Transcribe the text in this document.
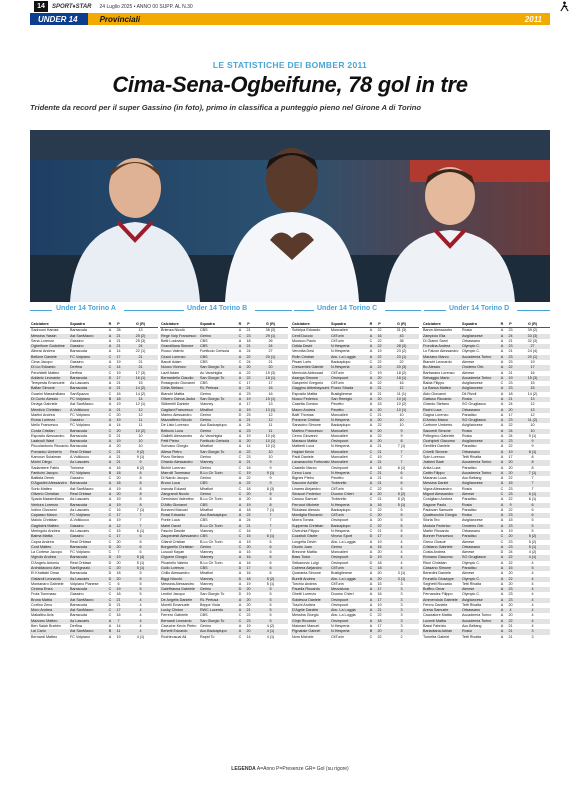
14	SPORT♦STAR 24 Luglio 2025 • ANNO 00 SUPP. AL N.30
UNDER 14	Provinciali	2011
LE STATISTICHE DEI BOMBER 2011
Cima-Sena-Ogbeifune, 78 gol in tre
Tridente da record per il super Gassino (in foto), primo in classifica a punteggio pieno nel Girone A di Torino
Under 14 Torino A	Under 14 Torino B	Under 14 Torino C	Under 14 Torino D
Calciatore	Squadra	R	P	G (R)
Sadrouni Hamza	Barracuda	A	28	13
Messina Yassin	Ast SanMauro	A	21	25 (2)
Sena Lorenzo	Gassino	A	21	25 (3)
Ogbeifune Godstime	Gassino	A	21	24
Alfonsi Andrea	Barracuda	A	14	22 (1)
Bellone Daniele	FC Volpiano	C	17	21
Cima Jacopo	Gassino	A	19	21
Di Lio Edoardo	Derfina	C	14	21
Perchitelli Matteo	Derfina	C	19	17 (3)
Addario Leonardo	Barracuda	D	17	16 (1)
Tempesta Emanuele	As Lascaris	A	21	15
Ballan Simone	Barracuda	A	21	14 (2)
Guarini Massimiliano	SanSpazzo	C	16	14 (2)
Di Cunto Alessio	FC Volpiano	B	18	14
Deviga Gabriele	Ast SanMauro	A	19	12 (1)
Mendicò Christian	A.Volklocco	A	21	12
Martini Andrea	FC Volpiano	C	20	12
Roma Lorenzo	Gassino	A	19	11
Mello Francesco	FC Volpiano	A	14	11
Corda Cristian	Barracuda	C	20	10 (2)
Esposito Alessandro	Barracuda	D	21	10
Laabouli Wael	Barracuda	A	19	10
Piccolantonio Riccardo	Barracuda	A	20	10
Pomarico Umberto	Real Orbisse	C	21	9 (2)
Kamoun Sulaiman	A.Volklocco	A	21	9 (1)
Morini Diego	As Lascaris	A	21	9
Sadamiere Fabio	Torinese	A	16	8 (2)
Fanticini Jacopo	FC Volpiano	B	18	8
Battista Derek	Gassino	C	20	8
D'Agostini Alessandro	Barracuda	A	18	8
Sorlo Matteo	Ast SanMauro	A	19	8
Oliverio Christian	Real Orbisse	A	20	8
Spada Massimiliano	As Lascaris	A	19	8
Ventura Lorenzo	Barracuda	A	19	8
Iodino Giovanni	As Lascaris	C	16	7 (1)
Capasso Marco	FC Volpiano	C	17	7
Maiolo Christian	A.Volklocco	A	19	7
Gagliolmi Matteo	Gassino	A	12	7
Meringolo Andrea	As Lascaris	C	15	6 (1)
Balma Mattia	Gassino	C	17	6
Capra Andrea	Real Orbisse	C	20	6
Cord Matteo	Barracuda	D	20	6
La Cortese Jacopo	FC Volpiano	C	7	6
Vignolo Andrea	Barracuda	D	19	5 (4)
D'Angelo Antonio	Real Orbisse	D	20	5 (1)
Archidiacono Alex	Sant'Ignazio	C	20	5 (1)
El Khattabi Omar	Barracuda	D	18	5
Gislandi Leonardo	As Lascaris	D	20	5
Montanaro Gabriele	Volpiano Pianese	C	6	5
Cirama Enea	Barracuda	C	19	5
Frola Tommaso	Gassino	C	18	5
Bruna Mattia	Ast SanMauro	C	21	4
Cortinò Zeno	Barracuda	D	21	4
Moro Andrea	Ast SanMauro	C	17	4
Makalibu Axis	Barracuda	C	16	4
Mazzaro Matteo	As Lascaris	A	7	4
Ben Salah Brahim	Derfina	A	14	4
Lai Carlo	Ast SanMauro	B	11	4
Bernardi Matteo	FC Volpiano	A	19	4 (1)
Calciatore	Squadra	R	P	G (R)
Brienza Nicolò	CBS	A	21	36 (3)
Rege Volp Francesco	Gerino	C	23	29 (1)
Betti Lodovico	CBS	A	18	26
Grandillana Simone	CBS	A	21	24
Rocco Valerio	Fortitudo Cerisola	A	24	27
Ciucci Lorenzo	CBS	A	22	20 (1)
Bacoli Adam	CBS	C	24	21
Nuoco Vicenzo	San Giorgio To	A	20	20
Lazif Adam	Ac Vanchiglia	A	22	19 (3)
Bernardello Claudio	San Giorgio To	A	22	18 (1)
Rossignolo Giovanni	CBS	C	17	17
Grilla Stefano	RL Pertusa	A	21	16
Bianchi Mattia	Gerino	A	23	16
Olivero Ochoa Jacko	San Giorgio To	A	19	15 (1)
Siliberelli Daniele	Vianney	A	17	13
Gagliani Francesco	Mirafiori	A	19	13 (1)
Marino Alessandro	Gerino	D	23	12
Mazzafferro Nicolò	Gerino	A	21	12
De Lisio Lorenzo	Acc.Badcaplupo	A	24	11
Bellucio Luca	Gerino	A	23	11
Giallelli Alessandro	Ac Vanchiglia	A	19	10 (4)
Petti Pietro	Fortitudo Cerisola	A	20	10 (1)
Scrivano Giorgio	Mirafiori	A	14	10 (1)
Allesa Pietro	San Giorgio To	A	22	10
Pizzo Stefano	Gerino	C	23	10
Girardo Alessandro	Vianney	A	21	9
Bichiri Lorenzo	Gerino	C	16	9
Marrolli Tommaso	B.Lo Ch Turin	C	19	9 (1)
Di Nardo Jacopo	Gerino	A	22	9
Bruno Luca	CBS	A	22	9
Ivanota Eduard	Mirafiori	C	18	8 (3)
Zangrandi Nicolò	Gerino	C	20	8
Geminiani Valentino	B.Lo Ch Turin	A	20	8
D'Alfio Giovanni	CBS	A	19	8
Bonanni Manuel	Mirafiori	A	18	7 (1)
Rossi Edoardo	Acc.Badcaplupo	A	22	7
Ponte Luca	CBS	A	24	7
Mairè David	B.Lo Ch Turin	A	21	7
Fascini Davide	Vianney	C	16	7
Zaupedesti Alessandro	CBS	C	15	6 (1)
Gilardi Cristian	B.Lo Ch Turin	A	19	6
Borgarello Christian	Gerino	C	20	6
Lusuoli Kayan	Vianney	A	15	6
Giguere Giorgio	Vianney	A	16	6
Picariello Valerio	B.Lo Ch Turin	A	16	6
Gullo Lorenzo	CBS	D	17	6
Chillo Alessandro	Mirafiori	A	16	6
Biggi Niccolò	Vianney	D	18	5 (2)
Messina Alessandro	Vianney	A	19	5 (1)
Galeffrasna Gabriele	Gerino	D	20	5
Lentini Jacopo	San Giorgio To	D	19	5
De Angelis Daniele	RL Pertusa	A	20	5
Morelli Emanuele	Beppe Viola	A	20	5
Lucky Clinton	RWC Lucento	A	21	5
Ferrero Gabriele	CBS	C	22	5
Bernardi Leonardo	San Giorgio To	C	23	5
Cavuche Kevin Pietro	Gerino	A	19	4 (2)
Benetti Edoardo	Acc.Badcaplupo	A	20	4 (1)
Rochinusuai Ali	Rapid To	C	14	4 (1)
Calciatore	Squadra	R	P	G (R)
Schiripa Edoardo	Moncalieri	A	22	31 (3)
Cenil Duccio	CitTurin	A	16	43
Musicco Paolo	CitTurin	C	22	38
Odida David	N.Hesperia	A	22	28 (3)
Veronita Desi	N.Hesperia	A	19	23 (2)
Rolin Cristian	Abc. La Loggia	A	22	23 (1)
Pisani Loris	Badcaplupo	C	22	22
Crescentini Gabriel	N.Hesperia	A	22	20 (3)
Meniccià Aldeouad	CitTurin	C	19	18 (2)
Azanga Simone	Orsinpoort	A	20	18 (1)
Gasperini Gregorio	CitTurin	A	22	16
Gagginu Abbebayoumi	Pozzo Strada	A	21	12
Esposito Mattia	Bustiglierese	A	21	11 (1)
Nucco Federico	San Remigio	A	20	10 (4)
Casetta Gordon	Pecetto	A	15	10 (2)
Mauro Andrea	Pecetto	A	20	10 (1)
Baël Thomas	Moncalieri	C	21	10
Ponzone Cristian	N.Hesperia	A	20	10
Sanacino Simone	Badcaplupo	A	22	10
Martino Francesco	Moncalieri	A	20	9
Cervo Giovanni	Moncalieri	A	22	9
Marasco Mattia	Orsinpoort	A	20	8
Malberti Luca	N.Hesperia	A	21	7 (1)
Hajdari Kevin	Moncalieri	C	21	7
Paoli Daniele	Moncalieri	C	19	7
Lavanacchio Fortunato	Moncalieri	A	21	7
Castello Marco	Orsinpoort	A	18	6 (1)
Cerco Luca	N.Hesperia	C	21	6
Bignes Pietro	Pecetto	A	21	6
Saccone Achille	Trofarello	A	21	6
Linares Alejandro	CitTurin	C	22	6
Sinacori Federico	Duomo Chieri	A	20	5 (2)
Caruso Samuel	Trofarello	C	21	5 (2)
Ferrucci Michele	N.Hesperia	A	16	5 (1)
Ridolassi Alessio	Badcaplupo	C	22	5
Mordiglia Riccardo	CitTurin	C	20	5
Morra Tomas	Orsinpoort	A	20	5
Suppenta Christian	Badcaplupo	C	22	5
Civerchia Filippo	N.Hesperia	C	21	5
Cozzitoli Gisele	Vinovo Sport	D	17	4
Longella Devin	Abc. La Loggia	A	19	4
Osorio Juan	Gerino	A	15	4
Brezone Mattia	Moncalieri	A	20	4
Bass Todor	Orsinpoort	D	19	4
Selkanovic Luigi	Orsinpoort	D	18	4
Cabrera Alejandro	CitTurin	C	18	4
Quaranta Simone	Bustiglierese	A	20	3 (1)
Burelli Andrea	Abc. La Loggia	A	20	3 (1)
Torchio Andrea	CitTurin	A	15	3
Pauella Riccardo	Mezzaluna	A	17	3
Ghetti Lorenzo	Duomo Chieri	A	16	3
Soldesca Daniele	Orsinpoort	A	17	3
Toschi Andrea	Orsinpoort	A	19	3
D'Agrile Daniele	Abc. La Loggia	A	21	3
Messina Giorgio	Abc. La Loggia	C	22	3
Ginja Riccardo	Orsinpoort	A	18	3
Maiorani Manuel	N.Hesperia	A	17	3
Pignatale Gabriel	N.Hesperia	B	20	3
Nom Michele	CitTurin	C	22	2
Calciatore	Squadra	R	P	G (R)
Baron Alessandro	Rosta	A	23	39 (2)
Zampiolo Elia	Avigliancese	A	24	33 (3)
Di Gianni Sami	Orbassano	A	21	32 (3)
Frondina Andrea	Olympic C.	A	23	27
Lo Falcon Alessandro	Olympic C.	A	21	24 (4)
Marzano Marco	Accademia Torino	A	23	20 (1)
Bianchi Leonardo	Almese	A	23	19
Bo Alessio	Onoterio Orb.	A	22	17
Barbarano Lorenzo	Almese	A	21	16
Selvaggio Mario	Accademia Torino	A	19	15 (3)
Balda Filippo	Avigliancese	C	23	15
La Banca Matteo	Avigliancese	A	23	15
Aldo Giovanni	Dil Rivoli	A	18	14 (2)
Gattuso Riccardo	Rosta	A	21	13
Girardo Stefano	SO Grugliasco	A	24	12
Rachi Luca	Orbassano	A	20	13
Gagna Lorenzo	Paradiso	A	17	12
D'Amico Marco	SO Grugliasco	A	23	11 (2)
Carbone Umberto	Avigliancese	A	22	10
Saccenti Simone	Rosta	A	24	10
Pellegrino Gabriele	Rosta	A	24	9 (1)
Occhipinti Giacomo	Avigliancese	A	23	9
Gentilini Daniele	Paradiso	A	22	9
Crivelli Simone	Orbassano	A	19	8 (1)
Spin Lorenzo	Tetti Rivalta	A	17	8
Jrabeni Badr	Accademia Torino	A	20	8
Antia Luca	Paradiso	A	20	8
Cattin Filippo	Accademia Torino	A	20	7 (1)
Maranzo Luca	Acc.Bellang	A	22	7
Messina Daniel	Avigliancese	A	15	7
Vigna Alessandro	Rosta	C	23	7
Mignot Alessandro	Almese	C	23	6 (1)
Conigliaro Andrea	Paradiso	A	22	6 (1)
Sagone Paolo	Rosta	A	9	6
Padovan Samuele	Paradiso	A	22	6
Quattrocchio Giorgio	Rosta	A	23	6
Sforla Teo	Avigliancese	A	15	5
Modola Federico	Onoterio Orb.	A	23	5
Martin Riccardo	Orbassano	A	19	5
Bonner Francesco	Paradiso	C	20	5 (2)
Greco Giosuè	Almese	C	23	5 (2)
Cristiano Gabriele	Orbassano	A	23	5 (1)
Costa Andrea	Almese	D	24	4 (2)
Romano Giacomo	SO Grugliasco	A	22	4 (1)
Ricci Christian	Olympic C.	A	22	4
Cassano Simone	Paradiso	A	15	5
Benedini Daniele	Almese	A	20	4
Frunzillo Giuseppe	Olympic C.	A	22	4
Seghetti Riccardo	Tetti Rivalta	A	20	4
Buffino Omar	Almese	A	23	4
Fernandez Filippo	Olympic C.	A	23	4
Ammendola Gabriele	Avigliancese	A	23	4
Ferero Daniele	Tetti Rivalta	A	20	4
Arena Samuele	Orbassano	A	4	4
Cacciatore Mattia	Accademia Torino	A	20	4
Lucenti Mattia	Accademia Torino	A	22	4
Bassi Fabrizio	Acc.Bellang	A	21	4
Barladiana Adrian	Rosta	A	21	3
Tornetta Gabriel	Tetti Rivalta	A	21	3
LEGENDA A=Anno P=Presenze GR= Gol (su rigore)
